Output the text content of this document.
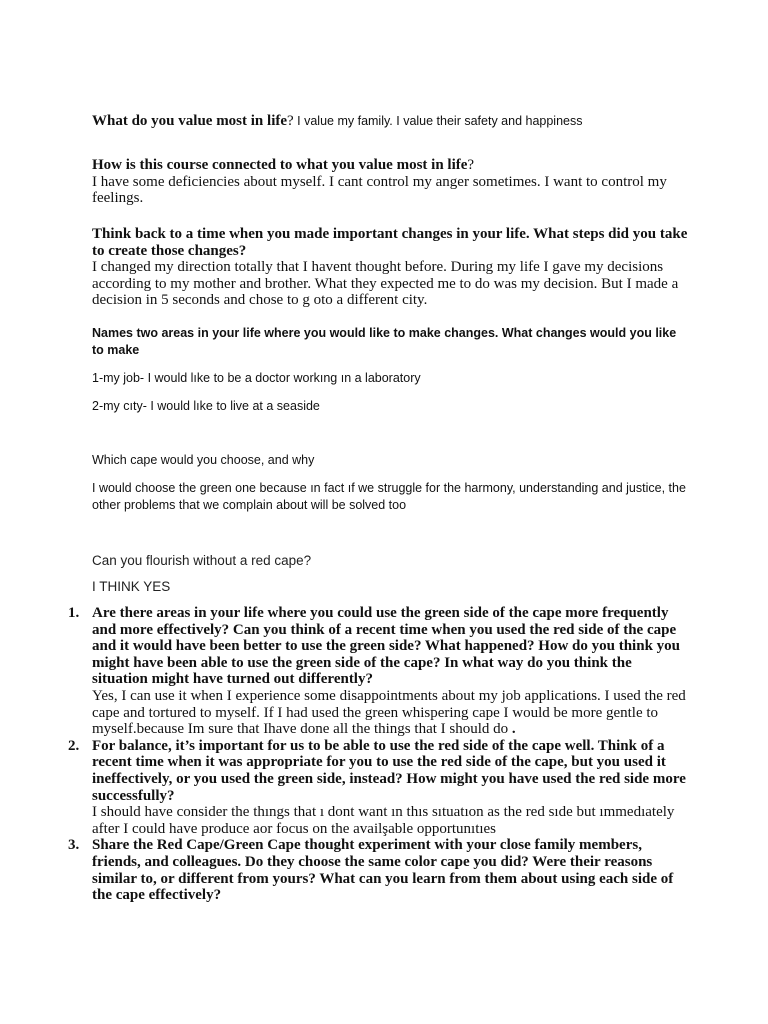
What do you value most in life? I value my family. I value their safety and happiness

How is this course connected to what you value most in life?
I have some deficiencies about myself. I cant control my anger sometimes. I want to control my feelings.
Think back to a time when you made important changes in your life. What steps did you take to create those changes?
I changed my direction totally that I havent thought before. During my life I gave my decisions according to my mother and brother. What they expected me to do was my decision. But I made a decision in 5 seconds and chose to g oto a different city.
Names two areas in your life where you would like to make changes. What changes would you like to make
1-my job- I would lıke to be a doctor workıng ın a laboratory
2-my cıty- I would lıke to live at a seaside
Which cape would you choose, and why
I would choose the green one because ın fact ıf we struggle for the harmony, understanding and justice, the other problems that we complain about will be solved too
Can you flourish without a red cape?
I THINK YES
1. Are there areas in your life where you could use the green side of the cape more frequently and more effectively? Can you think of a recent time when you used the red side of the cape and it would have been better to use the green side? What happened? How do you think you might have been able to use the green side of the cape? In what way do you think the situation might have turned out differently?
Yes, I can use it when I experience some disappointments about my job applications. I used the red cape and tortured to myself. If I had used the green whispering cape I would be more gentle to myself.because Im sure that Ihave done all the things that I should do .
2. For balance, it’s important for us to be able to use the red side of the cape well. Think of a recent time when it was appropriate for you to use the red side of the cape, but you used it ineffectively, or you used the green side, instead? How might you have used the red side more successfully?
I should have consider the thıngs that ı dont want ın thıs sıtuatıon as the red sıde but ımmedıately after I could have produce aor focus on the availşable opportunıtıes
3. Share the Red Cape/Green Cape thought experiment with your close family members, friends, and colleagues. Do they choose the same color cape you did? Were their reasons similar to, or different from yours? What can you learn from them about using each side of the cape effectively?
